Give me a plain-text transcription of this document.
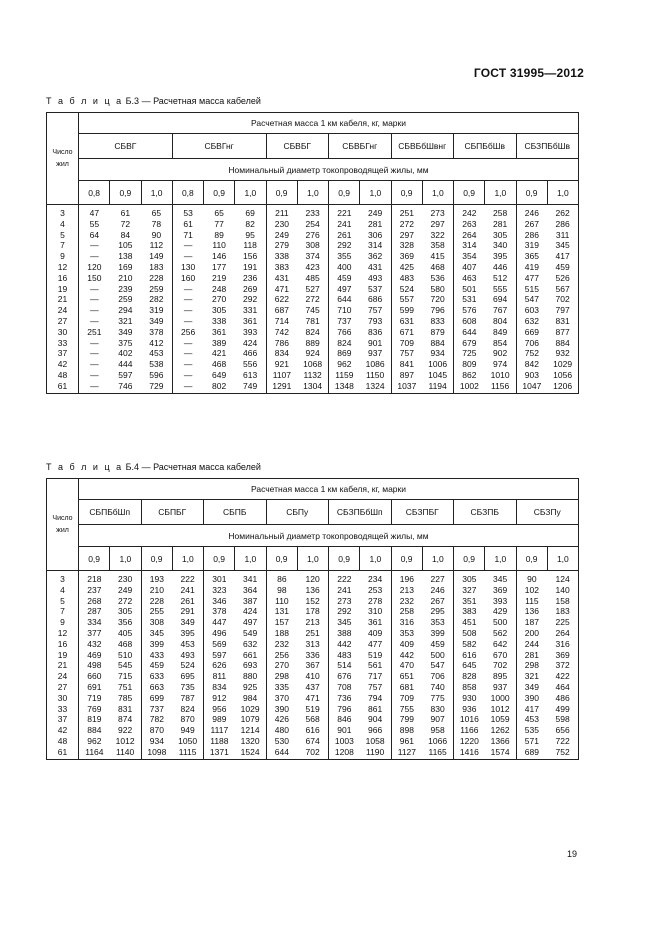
ГОСТ 31995—2012
Т а б л и ц а Б.3 — Расчетная масса кабелей
Число жил	Расчетная масса 1 км кабеля, кг, марки															
	СБВГ			СБВГнг			СБВБГ		СБВБГнг		СБВБбШвнг		СБПБбШв		СБЗПБбШв	
	Номинальный диаметр токопроводящей жилы, мм															
	0,8	0,9	1,0	0,8	0,9	1,0	0,9	1,0	0,9	1,0	0,9	1,0	0,9	1,0	0,9	1,0
3	47	61	65	53	65	69	211	233	221	249	251	273	242	258	246	262
4	55	72	78	61	77	82	230	254	241	281	272	297	263	281	267	286
5	64	84	90	71	89	95	249	276	261	306	297	322	264	305	286	311
7	—	105	112	—	110	118	279	308	292	314	328	358	314	340	319	345
9	—	138	149	—	146	156	338	374	355	362	369	415	354	395	365	417
12	120	169	183	130	177	191	383	423	400	431	425	468	407	446	419	459
16	150	210	228	160	219	236	431	485	459	493	483	536	463	512	477	526
19	—	239	259	—	248	269	471	527	497	537	524	580	501	555	515	567
21	—	259	282	—	270	292	622	272	644	686	557	720	531	694	547	702
24	—	294	319	—	305	331	687	745	710	757	599	796	576	767	603	797
27	—	321	349	—	338	361	714	781	737	793	631	833	608	804	632	831
30	251	349	378	256	361	393	742	824	766	836	671	879	644	849	669	877
33	—	375	412	—	389	424	786	889	824	901	709	884	679	854	706	884
37	—	402	453	—	421	466	834	924	869	937	757	934	725	902	752	932
42	—	444	538	—	468	556	921	1068	962	1086	841	1006	809	974	842	1029
48	—	597	596	—	649	613	1107	1132	1159	1150	897	1045	862	1010	903	1056
61	—	746	729	—	802	749	1291	1304	1348	1324	1037	1194	1002	1156	1047	1206
Т а б л и ц а Б.4 — Расчетная масса кабелей
Число жил	Расчетная масса 1 км кабеля, кг, марки															
	СБПБбШп		СБПБГ		СБПБ		СБПу		СБЗПБбШп		СБЗПБГ		СБЗПБ		СБЗПу	
	Номинальный диаметр токопроводящей жилы, мм															
	0,9	1,0	0,9	1,0	0,9	1,0	0,9	1,0	0,9	1,0	0,9	1,0	0,9	1,0	0,9	1,0
3	218	230	193	222	301	341	86	120	222	234	196	227	305	345	90	124
4	237	249	210	241	323	364	98	136	241	253	213	246	327	369	102	140
5	268	272	228	261	346	387	110	152	273	278	232	267	351	393	115	158
7	287	305	255	291	378	424	131	178	292	310	258	295	383	429	136	183
9	334	356	308	349	447	497	157	213	345	361	316	353	451	500	187	225
12	377	405	345	395	496	549	188	251	388	409	353	399	508	562	200	264
16	432	468	399	453	569	632	232	313	442	477	409	459	582	642	244	316
19	469	510	433	493	597	661	256	336	483	519	442	500	616	670	281	369
21	498	545	459	524	626	693	270	367	514	561	470	547	645	702	298	372
24	660	715	633	695	811	880	298	410	676	717	651	706	828	895	321	422
27	691	751	663	735	834	925	335	437	708	757	681	740	858	937	349	464
30	719	785	699	787	912	984	370	471	736	794	709	775	930	1000	390	486
33	769	831	737	824	956	1029	390	519	796	861	755	830	936	1012	417	499
37	819	874	782	870	989	1079	426	568	846	904	799	907	1016	1059	453	598
42	884	922	870	949	1117	1214	480	616	901	966	898	958	1166	1262	535	656
48	962	1012	934	1050	1188	1320	530	674	1003	1058	961	1066	1220	1366	571	722
61	1164	1140	1098	1115	1371	1524	644	702	1208	1190	1127	1165	1416	1574	689	752
19
